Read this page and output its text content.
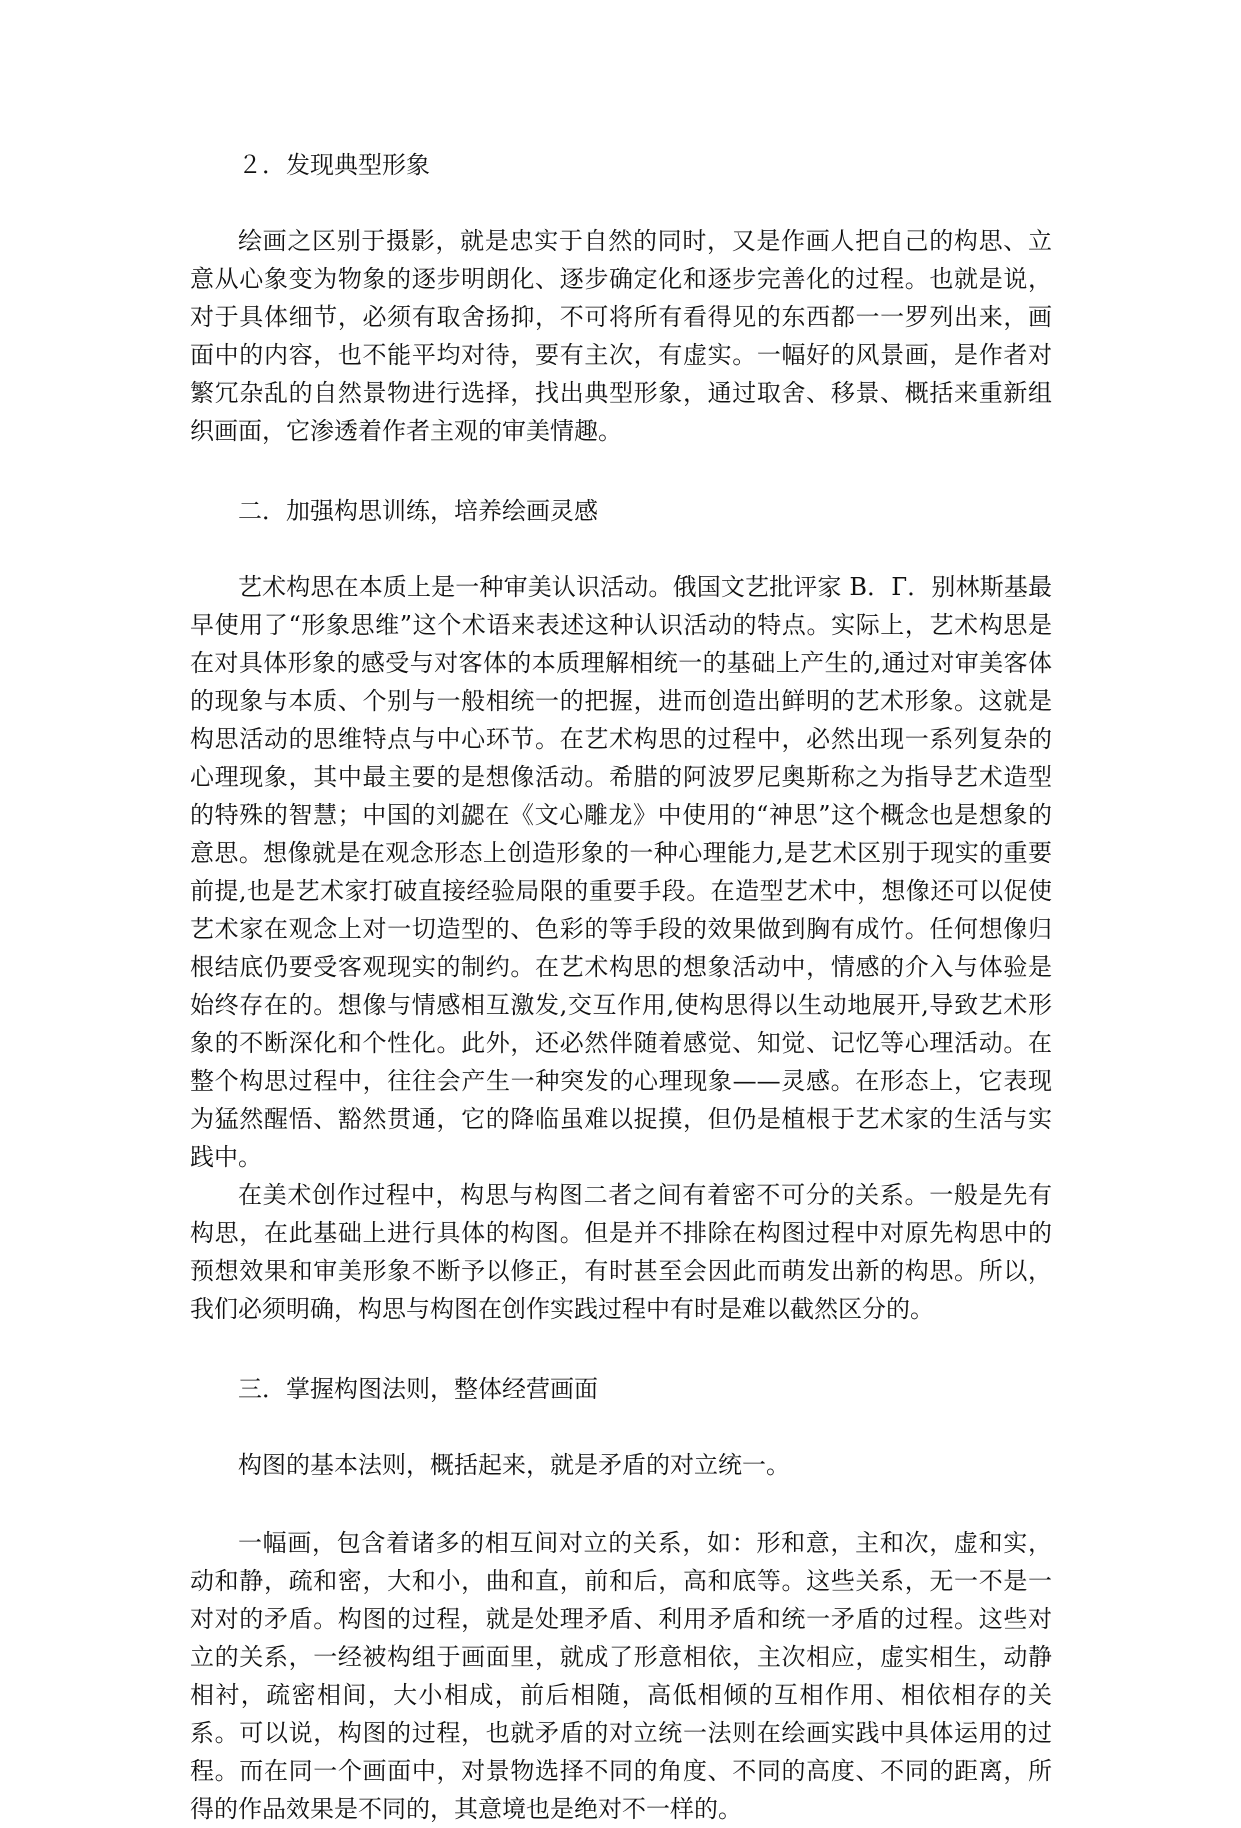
２．发现典型形象

绘画之区别于摄影，就是忠实于自然的同时，又是作画人把自己的构思、立意从心象变为物象的逐步明朗化、逐步确定化和逐步完善化的过程。也就是说，对于具体细节，必须有取舍扬抑，不可将所有看得见的东西都一一罗列出来，画面中的内容，也不能平均对待，要有主次，有虚实。一幅好的风景画，是作者对繁冗杂乱的自然景物进行选择，找出典型形象，通过取舍、移景、概括来重新组织画面，它渗透着作者主观的审美情趣。

二．加强构思训练，培养绘画灵感

艺术构思在本质上是一种审美认识活动。俄国文艺批评家 В．Г．别林斯基最早使用了“形象思维”这个术语来表述这种认识活动的特点。实际上，艺术构思是在对具体形象的感受与对客体的本质理解相统一的基础上产生的,通过对审美客体的现象与本质、个别与一般相统一的把握，进而创造出鲜明的艺术形象。这就是构思活动的思维特点与中心环节。在艺术构思的过程中，必然出现一系列复杂的心理现象，其中最主要的是想像活动。希腊的阿波罗尼奥斯称之为指导艺术造型的特殊的智慧；中国的刘勰在《文心雕龙》中使用的“神思”这个概念也是想象的意思。想像就是在观念形态上创造形象的一种心理能力,是艺术区别于现实的重要前提,也是艺术家打破直接经验局限的重要手段。在造型艺术中，想像还可以促使艺术家在观念上对一切造型的、色彩的等手段的效果做到胸有成竹。任何想像归根结底仍要受客观现实的制约。在艺术构思的想象活动中，情感的介入与体验是始终存在的。想像与情感相互激发,交互作用,使构思得以生动地展开,导致艺术形象的不断深化和个性化。此外，还必然伴随着感觉、知觉、记忆等心理活动。在整个构思过程中，往往会产生一种突发的心理现象——灵感。在形态上，它表现为猛然醒悟、豁然贯通，它的降临虽难以捉摸，但仍是植根于艺术家的生活与实践中。

在美术创作过程中，构思与构图二者之间有着密不可分的关系。一般是先有构思，在此基础上进行具体的构图。但是并不排除在构图过程中对原先构思中的预想效果和审美形象不断予以修正，有时甚至会因此而萌发出新的构思。所以，我们必须明确，构思与构图在创作实践过程中有时是难以截然区分的。

三．掌握构图法则，整体经营画面

构图的基本法则，概括起来，就是矛盾的对立统一。

一幅画，包含着诸多的相互间对立的关系，如：形和意，主和次，虚和实，动和静，疏和密，大和小，曲和直，前和后，高和底等。这些关系，无一不是一对对的矛盾。构图的过程，就是处理矛盾、利用矛盾和统一矛盾的过程。这些对立的关系，一经被构组于画面里，就成了形意相依，主次相应，虚实相生，动静相衬，疏密相间，大小相成，前后相随，高低相倾的互相作用、相依相存的关系。可以说，构图的过程，也就矛盾的对立统一法则在绘画实践中具体运用的过程。而在同一个画面中，对景物选择不同的角度、不同的高度、不同的距离，所得的作品效果是不同的，其意境也是绝对不一样的。
